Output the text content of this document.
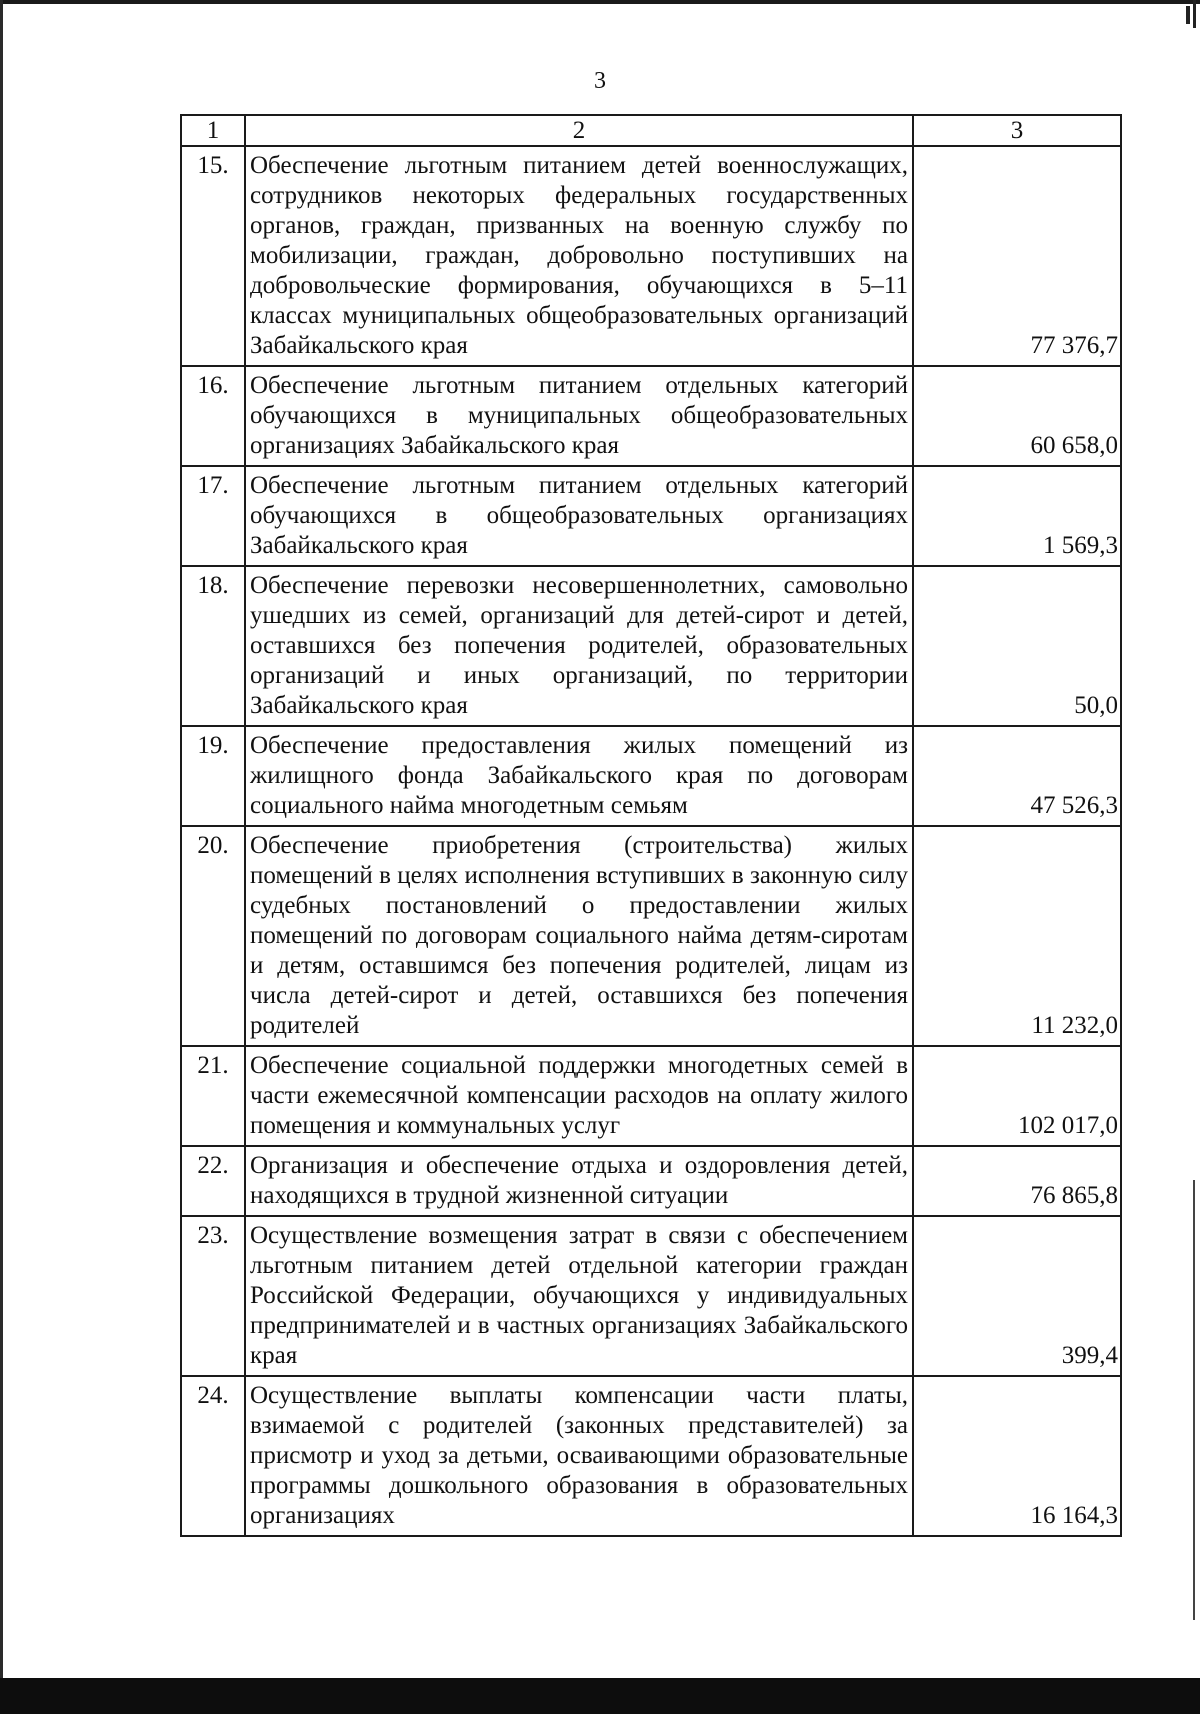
3
1	2	3
15.	Обеспечение льготным питанием детей военнослужащих, сотрудников некоторых федеральных государственных органов, граждан, призванных на военную службу по мобилизации, граждан, добровольно поступивших на добровольческие формирования, обучающихся в 5–11 классах муниципальных общеобразовательных организаций Забайкальского края	77 376,7
16.	Обеспечение льготным питанием отдельных категорий обучающихся в муниципальных общеобразовательных организациях Забайкальского края	60 658,0
17.	Обеспечение льготным питанием отдельных категорий обучающихся в общеобразовательных организациях Забайкальского края	1 569,3
18.	Обеспечение перевозки несовершеннолетних, самовольно ушедших из семей, организаций для детей-сирот и детей, оставшихся без попечения родителей, образовательных организаций и иных организаций, по территории Забайкальского края	50,0
19.	Обеспечение предоставления жилых помещений из жилищного фонда Забайкальского края по договорам социального найма многодетным семьям	47 526,3
20.	Обеспечение приобретения (строительства) жилых помещений в целях исполнения вступивших в законную силу судебных постановлений о предоставлении жилых помещений по договорам социального найма детям-сиротам и детям, оставшимся без попечения родителей, лицам из числа детей-сирот и детей, оставшихся без попечения родителей	11 232,0
21.	Обеспечение социальной поддержки многодетных семей в части ежемесячной компенсации расходов на оплату жилого помещения и коммунальных услуг	102 017,0
22.	Организация и обеспечение отдыха и оздоровления детей, находящихся в трудной жизненной ситуации	76 865,8
23.	Осуществление возмещения затрат в связи с обеспечением льготным питанием детей отдельной категории граждан Российской Федерации, обучающихся у индивидуальных предпринимателей и в частных организациях Забайкальского края	399,4
24.	Осуществление выплаты компенсации части платы, взимаемой с родителей (законных представителей) за присмотр и уход за детьми, осваивающими образовательные программы дошкольного образования в образовательных организациях	16 164,3
